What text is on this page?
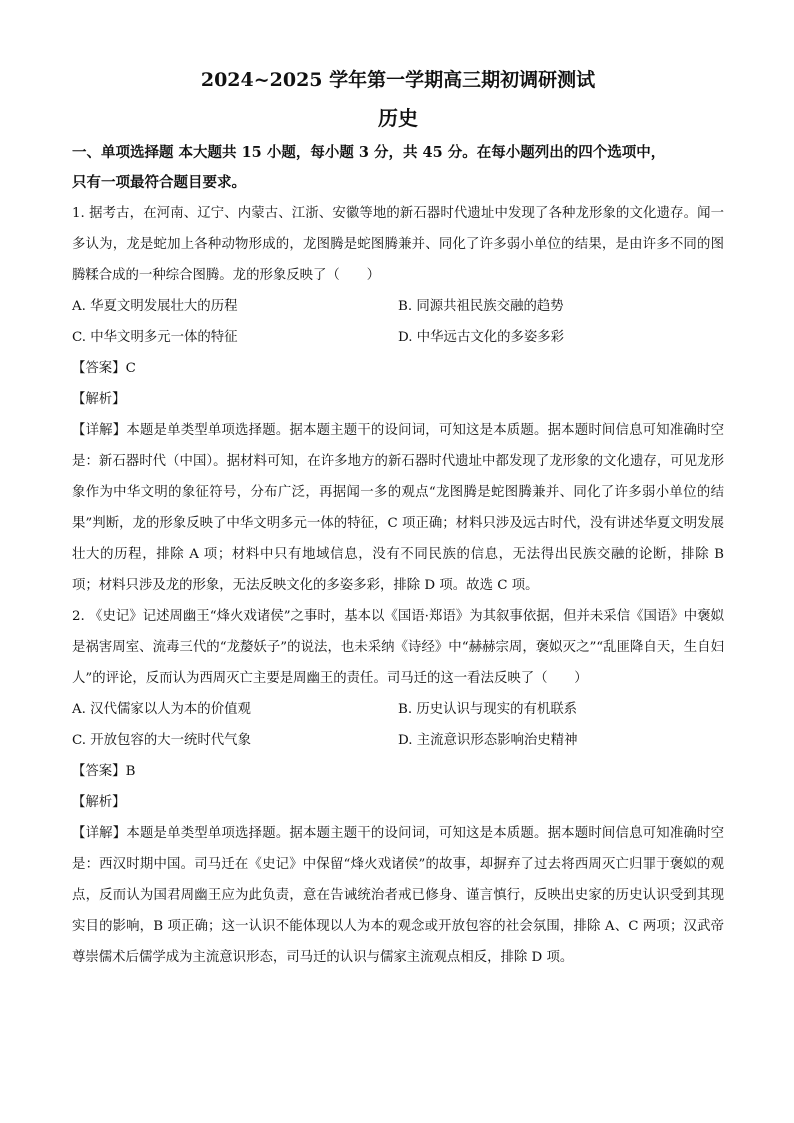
2024~2025 学年第一学期高三期初调研测试
历史
一、单项选择题 本大题共 15 小题，每小题 3 分，共 45 分。在每小题列出的四个选项中，
只有一项最符合题目要求。

1. 据考古，在河南、辽宁、内蒙古、江浙、安徽等地的新石器时代遗址中发现了各种龙形象的文化遗存。闻一多认为，龙是蛇加上各种动物形成的，龙图腾是蛇图腾兼并、同化了许多弱小单位的结果，是由许多不同的图腾糅合成的一种综合图腾。龙的形象反映了（　　）

A. 华夏文明发展壮大的历程	B. 同源共祖民族交融的趋势
C. 中华文明多元一体的特征	D. 中华远古文化的多姿多彩

【答案】C

【解析】

【详解】本题是单类型单项选择题。据本题主题干的设问词，可知这是本质题。据本题时间信息可知准确时空是：新石器时代（中国）。据材料可知，在许多地方的新石器时代遗址中都发现了龙形象的文化遗存，可见龙形象作为中华文明的象征符号，分布广泛，再据闻一多的观点“龙图腾是蛇图腾兼并、同化了许多弱小单位的结果”判断，龙的形象反映了中华文明多元一体的特征，C 项正确；材料只涉及远古时代，没有讲述华夏文明发展壮大的历程，排除 A 项；材料中只有地域信息，没有不同民族的信息，无法得出民族交融的论断，排除 B 项；材料只涉及龙的形象，无法反映文化的多姿多彩，排除 D 项。故选 C 项。

2. 《史记》记述周幽王“烽火戏诸侯”之事时，基本以《国语·郑语》为其叙事依据，但并未采信《国语》中褒姒是祸害周室、流毒三代的“龙嫠妖子”的说法，也未采纳《诗经》中“赫赫宗周，褒姒灭之”“乱匪降自天，生自妇人”的评论，反而认为西周灭亡主要是周幽王的责任。司马迁的这一看法反映了（　　）

A. 汉代儒家以人为本的价值观	B. 历史认识与现实的有机联系
C. 开放包容的大一统时代气象	D. 主流意识形态影响治史精神

【答案】B

【解析】

【详解】本题是单类型单项选择题。据本题主题干的设问词，可知这是本质题。据本题时间信息可知准确时空是：西汉时期中国。司马迁在《史记》中保留“烽火戏诸侯”的故事，却摒弃了过去将西周灭亡归罪于褒姒的观点，反而认为国君周幽王应为此负责，意在告诫统治者戒已修身、谨言慎行，反映出史家的历史认识受到其现实目的影响，B 项正确；这一认识不能体现以人为本的观念或开放包容的社会氛围，排除 A、C 两项；汉武帝尊崇儒术后儒学成为主流意识形态，司马迁的认识与儒家主流观点相反，排除 D 项。
